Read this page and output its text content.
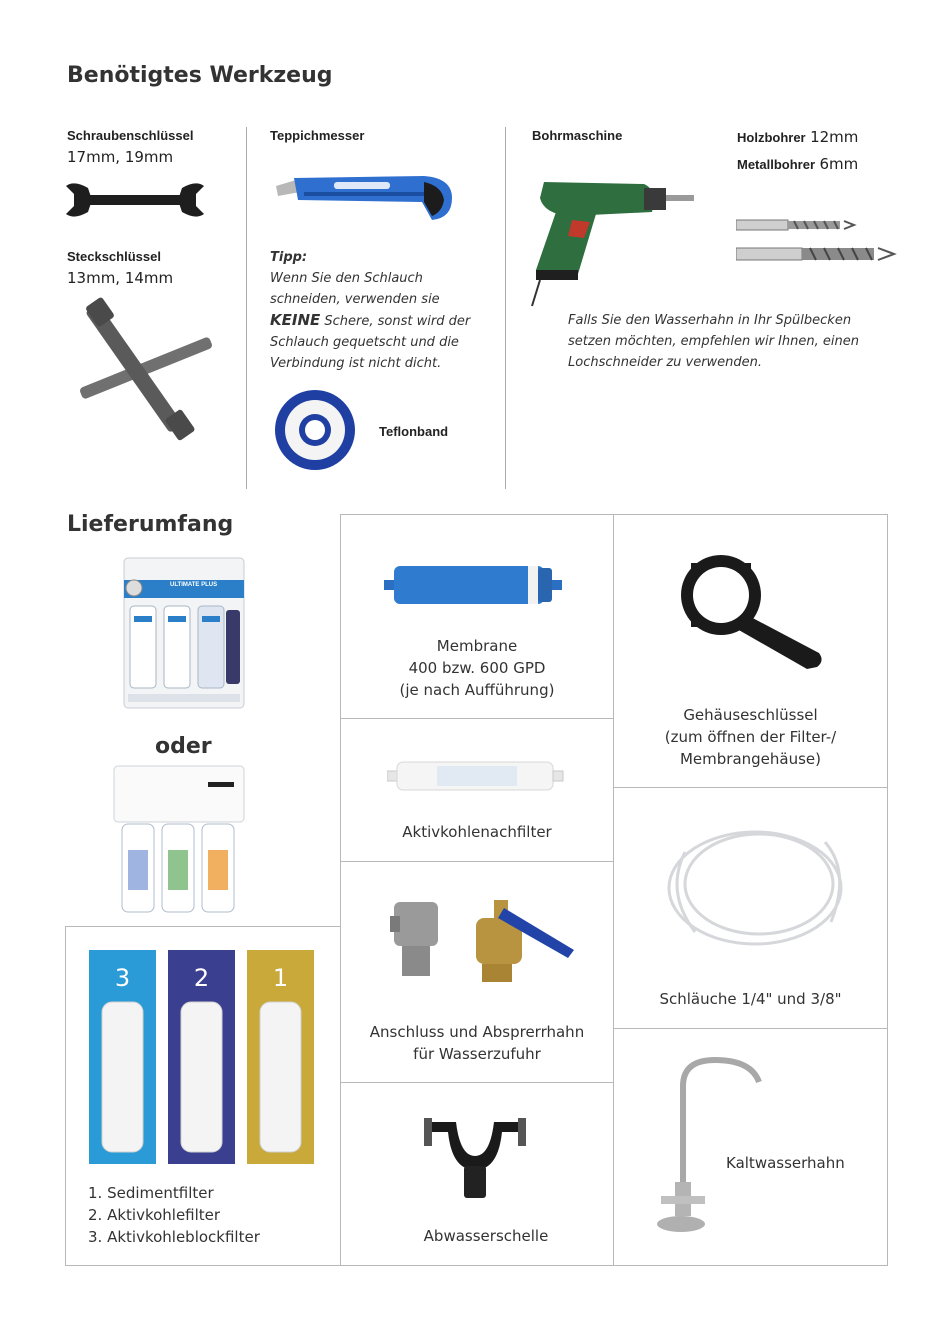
Benötigtes Werkzeug
Schraubenschlüssel
17mm, 19mm
Steckschlüssel
13mm, 14mm
Teppichmesser
Tipp:
Wenn Sie den Schlauch
schneiden, verwenden sie
KEINE Schere, sonst wird der
Schlauch gequetscht und die
Verbindung ist nicht dicht.
Teflonband
Bohrmaschine	Holzbohrer 12mm
Metallbohrer 6mm
Falls Sie den Wasserhahn in Ihr Spülbecken
setzen möchten, empfehlen wir Ihnen, einen
Lochschneider zu verwenden.
Lieferumfang
ULTIMATE PLUS
oder
3	2	1
1. Sedimentfilter
2. Aktivkohlefilter
3. Aktivkohleblockfilter
Membrane
400 bzw. 600 GPD
(je nach Aufführung)
Aktivkohlenachfilter
Anschluss und Absprerrhahn
für Wasserzufuhr
Abwasserschelle
Gehäuseschlüssel
(zum öffnen der Filter-/
Membrangehäuse)
Schläuche 1/4" und 3/8"
Kaltwasserhahn
